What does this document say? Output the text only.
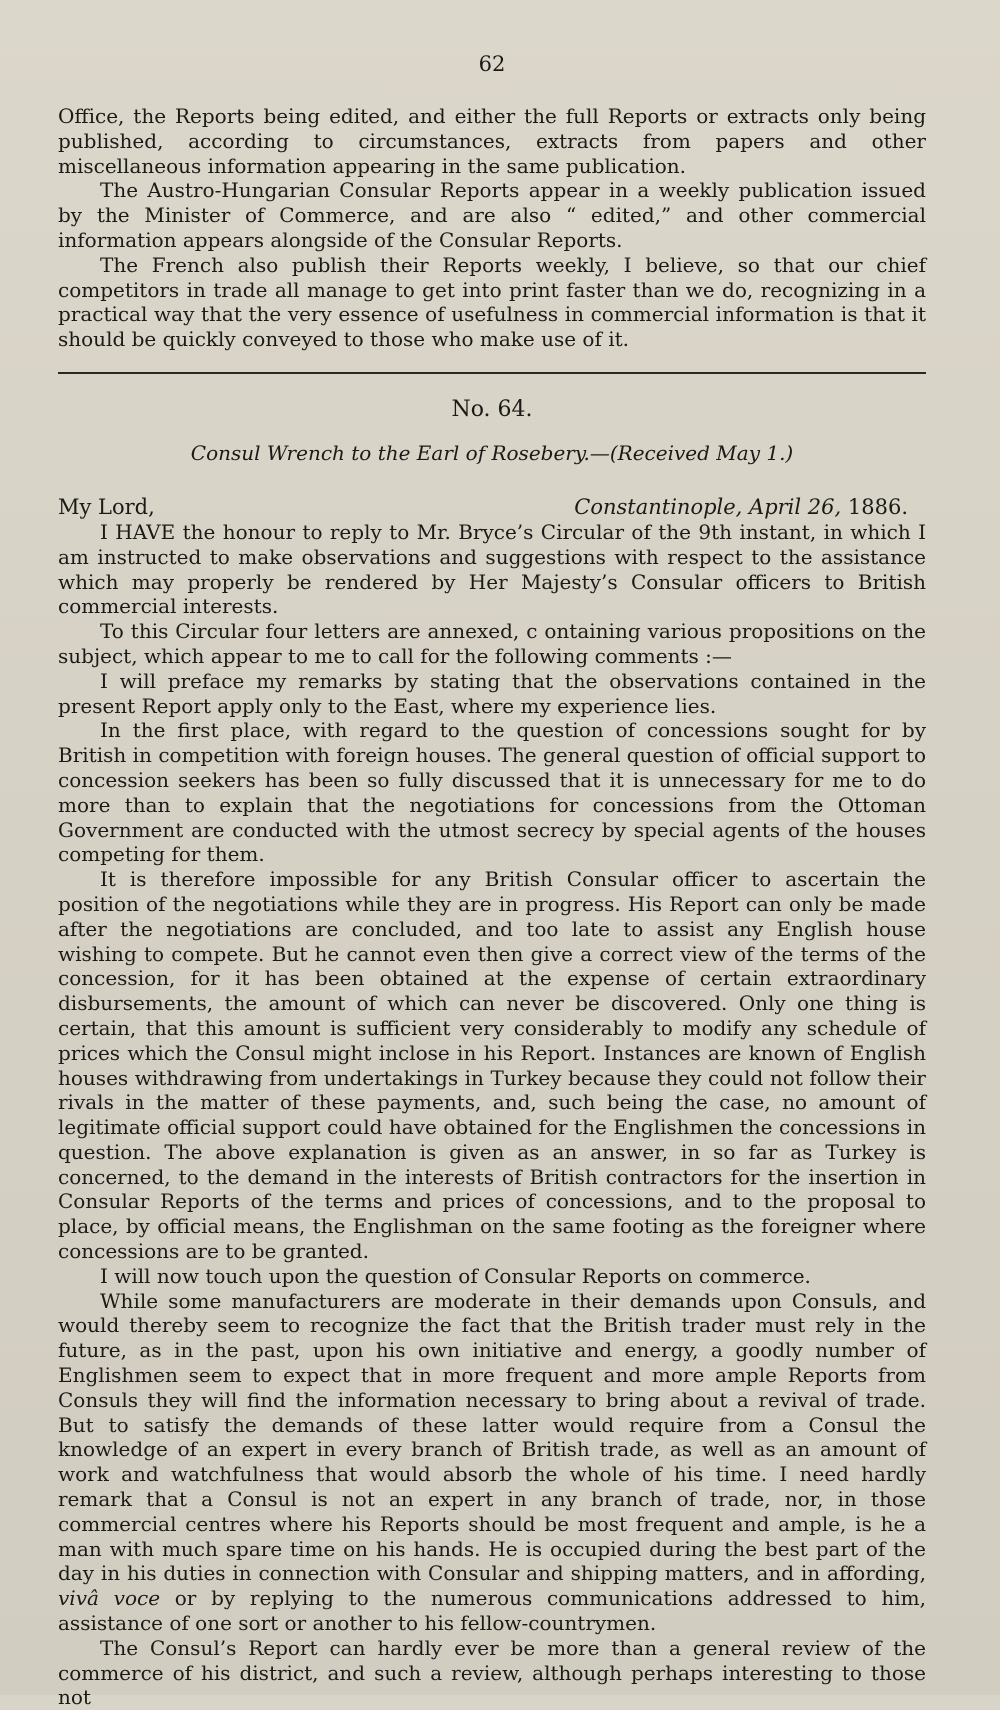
62

Office, the Reports being edited, and either the full Reports or extracts only being published, according to circumstances, extracts from papers and other miscellaneous information appearing in the same publication.

The Austro-Hungarian Consular Reports appear in a weekly publication issued by the Minister of Commerce, and are also “ edited,” and other commercial information appears alongside of the Consular Reports.

The French also publish their Reports weekly, I believe, so that our chief competitors in trade all manage to get into print faster than we do, recognizing in a practical way that the very essence of usefulness in commercial information is that it should be quickly conveyed to those who make use of it.

No. 64.
Consul Wrench to the Earl of Rosebery.—(Received May 1.)
My Lord,	Constantinople, April 26, 1886.

I HAVE the honour to reply to Mr. Bryce’s Circular of the 9th instant, in which I am instructed to make observations and suggestions with respect to the assistance which may properly be rendered by Her Majesty’s Consular officers to British commercial interests.

To this Circular four letters are annexed, c ontaining various propositions on the subject, which appear to me to call for the following comments :—

I will preface my remarks by stating that the observations contained in the present Report apply only to the East, where my experience lies.

In the first place, with regard to the question of concessions sought for by British in competition with foreign houses. The general question of official support to concession seekers has been so fully discussed that it is unnecessary for me to do more than to explain that the negotiations for concessions from the Ottoman Government are conducted with the utmost secrecy by special agents of the houses competing for them.

It is therefore impossible for any British Consular officer to ascertain the position of the negotiations while they are in progress. His Report can only be made after the negotiations are concluded, and too late to assist any English house wishing to compete. But he cannot even then give a correct view of the terms of the concession, for it has been obtained at the expense of certain extraordinary disbursements, the amount of which can never be discovered. Only one thing is certain, that this amount is sufficient very considerably to modify any schedule of prices which the Consul might inclose in his Report. Instances are known of English houses withdrawing from undertakings in Turkey because they could not follow their rivals in the matter of these payments, and, such being the case, no amount of legitimate official support could have obtained for the Englishmen the concessions in question. The above explanation is given as an answer, in so far as Turkey is concerned, to the demand in the interests of British contractors for the insertion in Consular Reports of the terms and prices of concessions, and to the proposal to place, by official means, the Englishman on the same footing as the foreigner where concessions are to be granted.

I will now touch upon the question of Consular Reports on commerce.

While some manufacturers are moderate in their demands upon Consuls, and would thereby seem to recognize the fact that the British trader must rely in the future, as in the past, upon his own initiative and energy, a goodly number of Englishmen seem to expect that in more frequent and more ample Reports from Consuls they will find the information necessary to bring about a revival of trade. But to satisfy the demands of these latter would require from a Consul the knowledge of an expert in every branch of British trade, as well as an amount of work and watchfulness that would absorb the whole of his time. I need hardly remark that a Consul is not an expert in any branch of trade, nor, in those commercial centres where his Reports should be most frequent and ample, is he a man with much spare time on his hands. He is occupied during the best part of the day in his duties in connection with Consular and shipping matters, and in affording, vivâ voce or by replying to the numerous communications addressed to him, assistance of one sort or another to his fellow-countrymen.

The Consul’s Report can hardly ever be more than a general review of the commerce of his district, and such a review, although perhaps interesting to those not
